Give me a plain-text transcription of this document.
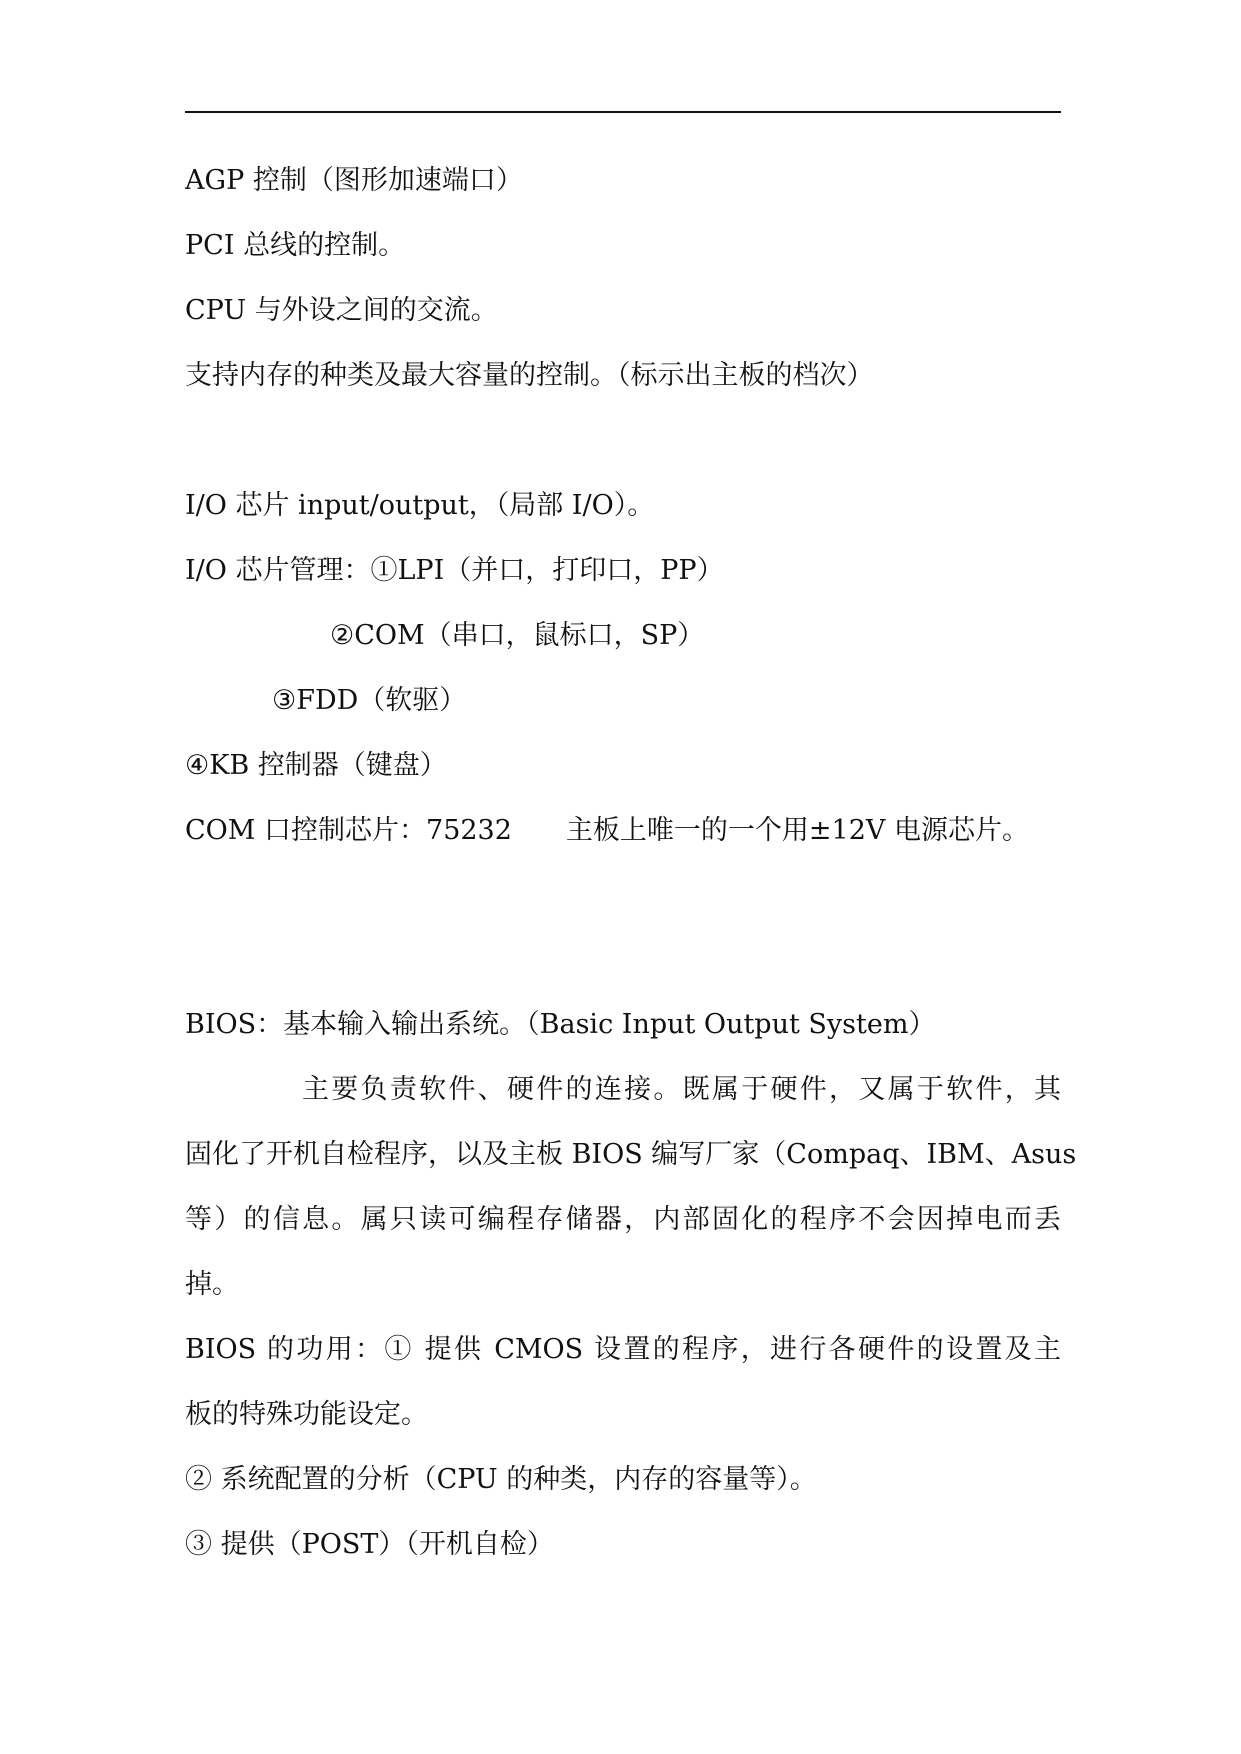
AGP 控制（图形加速端口）
PCI 总线的控制。
CPU 与外设之间的交流。
支持内存的种类及最大容量的控制。（标示出主板的档次）
I/O 芯片 input/output，（局部 I/O）。
I/O 芯片管理：①LPI（并口，打印口，PP）
②COM（串口，鼠标口，SP）
③FDD（软驱）
④KB 控制器（键盘）
COM 口控制芯片：75232　　主板上唯一的一个用±12V 电源芯片。
BIOS：基本输入输出系统。（Basic Input Output System）
主要负责软件、硬件的连接。既属于硬件，又属于软件，其
固化了开机自检程序，以及主板 BIOS 编写厂家（Compaq、IBM、Asus
等）的信息。属只读可编程存储器，内部固化的程序不会因掉电而丢
掉。
BIOS 的功用：① 提供 CMOS 设置的程序，进行各硬件的设置及主
板的特殊功能设定。
② 系统配置的分析（CPU 的种类，内存的容量等）。
③ 提供（POST）（开机自检）
